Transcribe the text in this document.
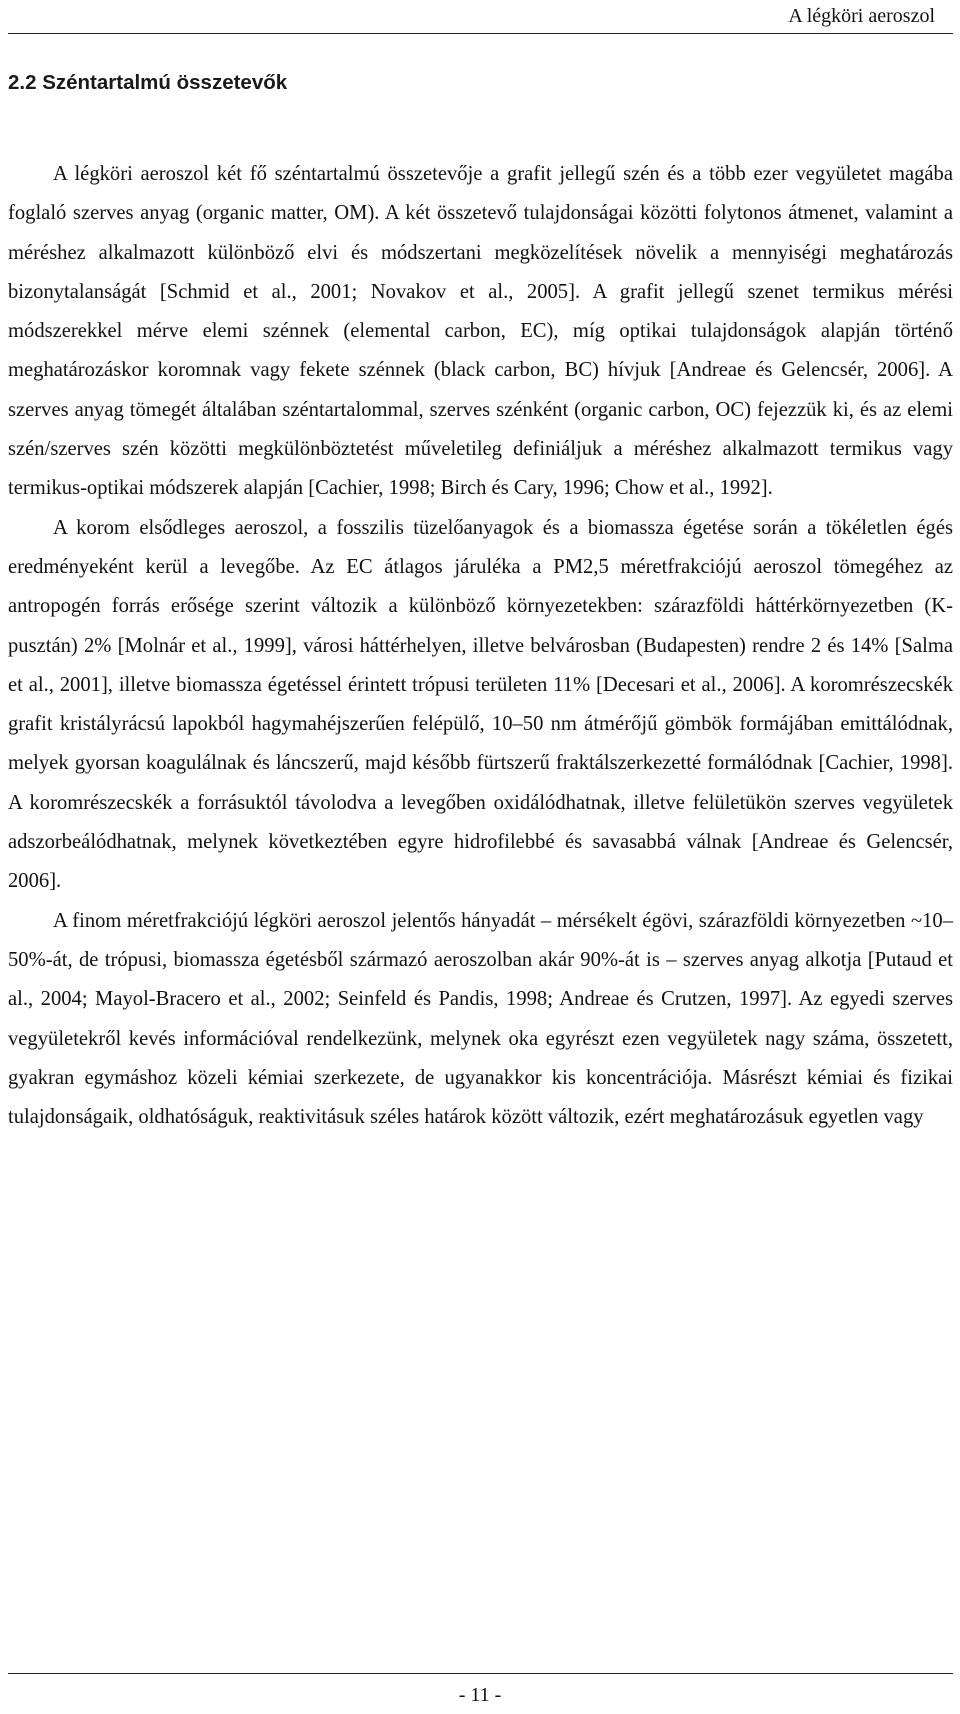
A légköri aeroszol
2.2 Széntartalmú összetevők

A légköri aeroszol két fő széntartalmú összetevője a grafit jellegű szén és a több ezer vegyületet magába foglaló szerves anyag (organic matter, OM). A két összetevő tulajdonságai közötti folytonos átmenet, valamint a méréshez alkalmazott különböző elvi és módszertani megközelítések növelik a mennyiségi meghatározás bizonytalanságát [Schmid et al., 2001; Novakov et al., 2005]. A grafit jellegű szenet termikus mérési módszerekkel mérve elemi szénnek (elemental carbon, EC), míg optikai tulajdonságok alapján történő meghatározáskor koromnak vagy fekete szénnek (black carbon, BC) hívjuk [Andreae és Gelencsér, 2006]. A szerves anyag tömegét általában széntartalommal, szerves szénként (organic carbon, OC) fejezzük ki, és az elemi szén/szerves szén közötti megkülönböztetést műveletileg definiáljuk a méréshez alkalmazott termikus vagy termikus-optikai módszerek alapján [Cachier, 1998; Birch és Cary, 1996; Chow et al., 1992].

A korom elsődleges aeroszol, a fosszilis tüzelőanyagok és a biomassza égetése során a tökéletlen égés eredményeként kerül a levegőbe. Az EC átlagos járuléka a PM2,5 méretfrakciójú aeroszol tömegéhez az antropogén forrás erősége szerint változik a különböző környezetekben: szárazföldi háttérkörnyezetben (K-pusztán) 2% [Molnár et al., 1999], városi háttérhelyen, illetve belvárosban (Budapesten) rendre 2 és 14% [Salma et al., 2001], illetve biomassza égetéssel érintett trópusi területen 11% [Decesari et al., 2006]. A koromrészecskék grafit kristályrácsú lapokból hagymahéjszerűen felépülő, 10–50 nm átmérőjű gömbök formájában emittálódnak, melyek gyorsan koagulálnak és láncszerű, majd később fürtszerű fraktálszerkezetté formálódnak [Cachier, 1998]. A koromrészecskék a forrásuktól távolodva a levegőben oxidálódhatnak, illetve felületükön szerves vegyületek adszorbeálódhatnak, melynek következtében egyre hidrofilebbé és savasabbá válnak [Andreae és Gelencsér, 2006].

A finom méretfrakciójú légköri aeroszol jelentős hányadát – mérsékelt égövi, szárazföldi környezetben ~10–50%-át, de trópusi, biomassza égetésből származó aeroszolban akár 90%-át is – szerves anyag alkotja [Putaud et al., 2004; Mayol-Bracero et al., 2002; Seinfeld és Pandis, 1998; Andreae és Crutzen, 1997]. Az egyedi szerves vegyületekről kevés információval rendelkezünk, melynek oka egyrészt ezen vegyületek nagy száma, összetett, gyakran egymáshoz közeli kémiai szerkezete, de ugyanakkor kis koncentrációja. Másrészt kémiai és fizikai tulajdonságaik, oldhatóságuk, reaktivitásuk széles határok között változik, ezért meghatározásuk egyetlen vagy

- 11 -
